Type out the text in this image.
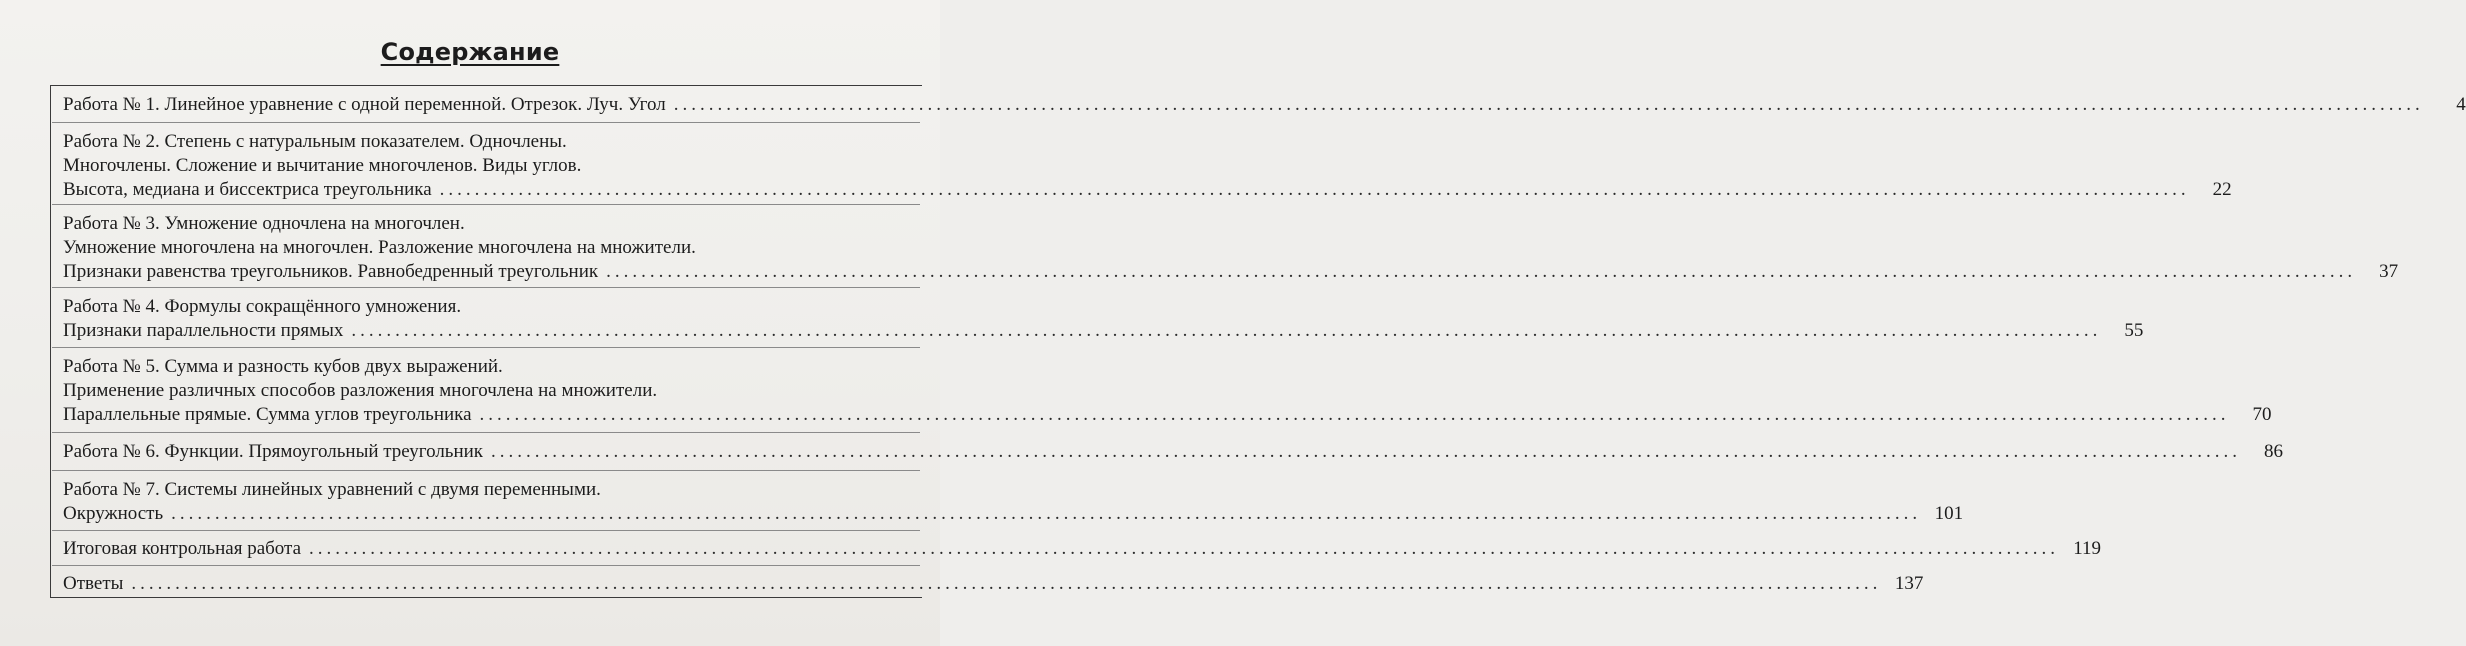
Содержание
Работа № 1. Линейное уравнение с одной переменной. Отрезок. Луч. Угол ........................................................................................................................................................................................................	4
Работа № 2. Степень с натуральным показателем. Одночлены.
Многочлены. Сложение и вычитание многочленов. Виды углов.
Высота, медиана и биссектриса треугольника ........................................................................................................................................................................................................	22
Работа № 3. Умножение одночлена на многочлен.
Умножение многочлена на многочлен. Разложение многочлена на множители.
Признаки равенства треугольников. Равнобедренный треугольник ........................................................................................................................................................................................................	37
Работа № 4. Формулы сокращённого умножения.
Признаки параллельности прямых ........................................................................................................................................................................................................	55
Работа № 5. Сумма и разность кубов двух выражений.
Применение различных способов разложения многочлена на множители.
Параллельные прямые. Сумма углов треугольника ........................................................................................................................................................................................................	70
Работа № 6. Функции. Прямоугольный треугольник ........................................................................................................................................................................................................	86
Работа № 7. Системы линейных уравнений с двумя переменными.
Окружность ........................................................................................................................................................................................................ 101
Итоговая контрольная работа ........................................................................................................................................................................................................ 119
Ответы ........................................................................................................................................................................................................ 137
